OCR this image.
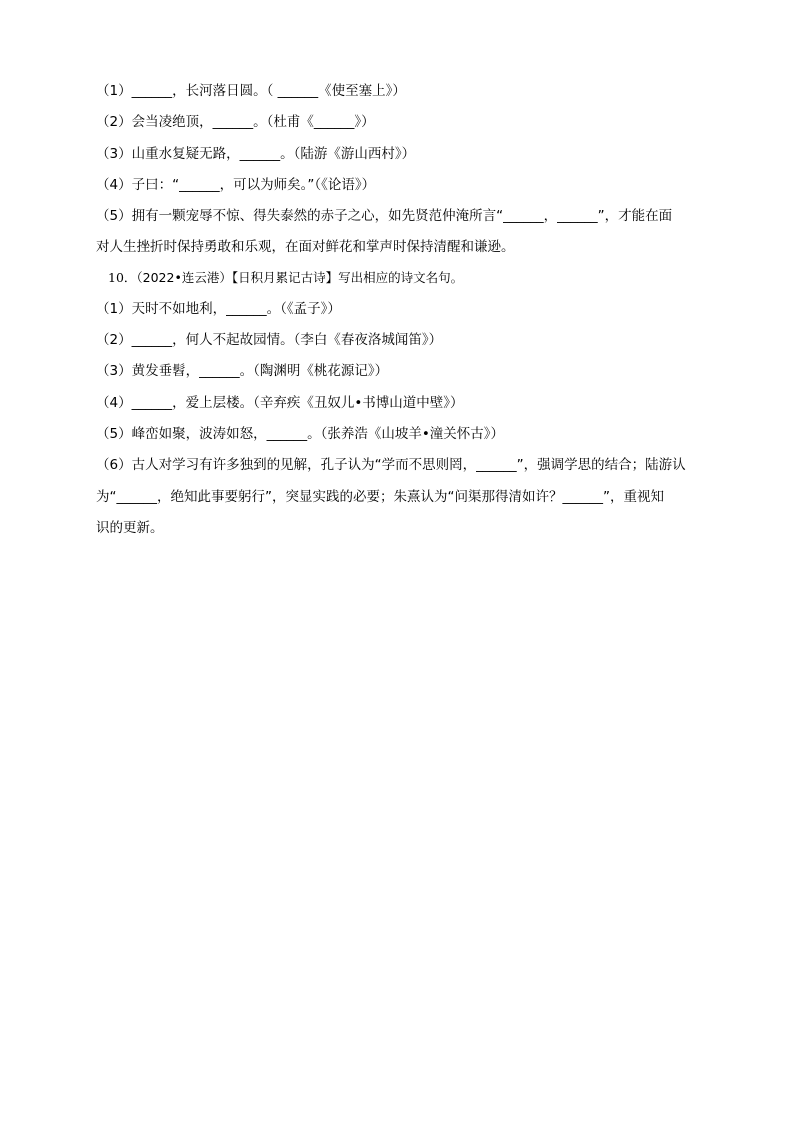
（1）______，长河落日圆。（ ______《使至塞上》）
（2）会当凌绝顶，______。（杜甫《______》）
（3）山重水复疑无路，______。（陆游《游山西村》）
（4）子曰：“______，可以为师矣。”（《论语》）
（5）拥有一颗宠辱不惊、得失泰然的赤子之心，如先贤范仲淹所言“______，______”，才能在面
对人生挫折时保持勇敢和乐观，在面对鲜花和掌声时保持清醒和谦逊。
10．（2022•连云港）【日积月累记古诗】写出相应的诗文名句。
（1）天时不如地利，______。（《孟子》）
（2）______，何人不起故园情。（李白《春夜洛城闻笛》）
（3）黄发垂髫，______。（陶渊明《桃花源记》）
（4）______，爱上层楼。（辛弃疾《丑奴儿•书博山道中壁》）
（5）峰峦如聚，波涛如怒，______。（张养浩《山坡羊•潼关怀古》）
（6）古人对学习有许多独到的见解，孔子认为“学而不思则罔，______”，强调学思的结合；陆游认
为“______，绝知此事要躬行”，突显实践的必要；朱熹认为“问渠那得清如许？______”，重视知
识的更新。
